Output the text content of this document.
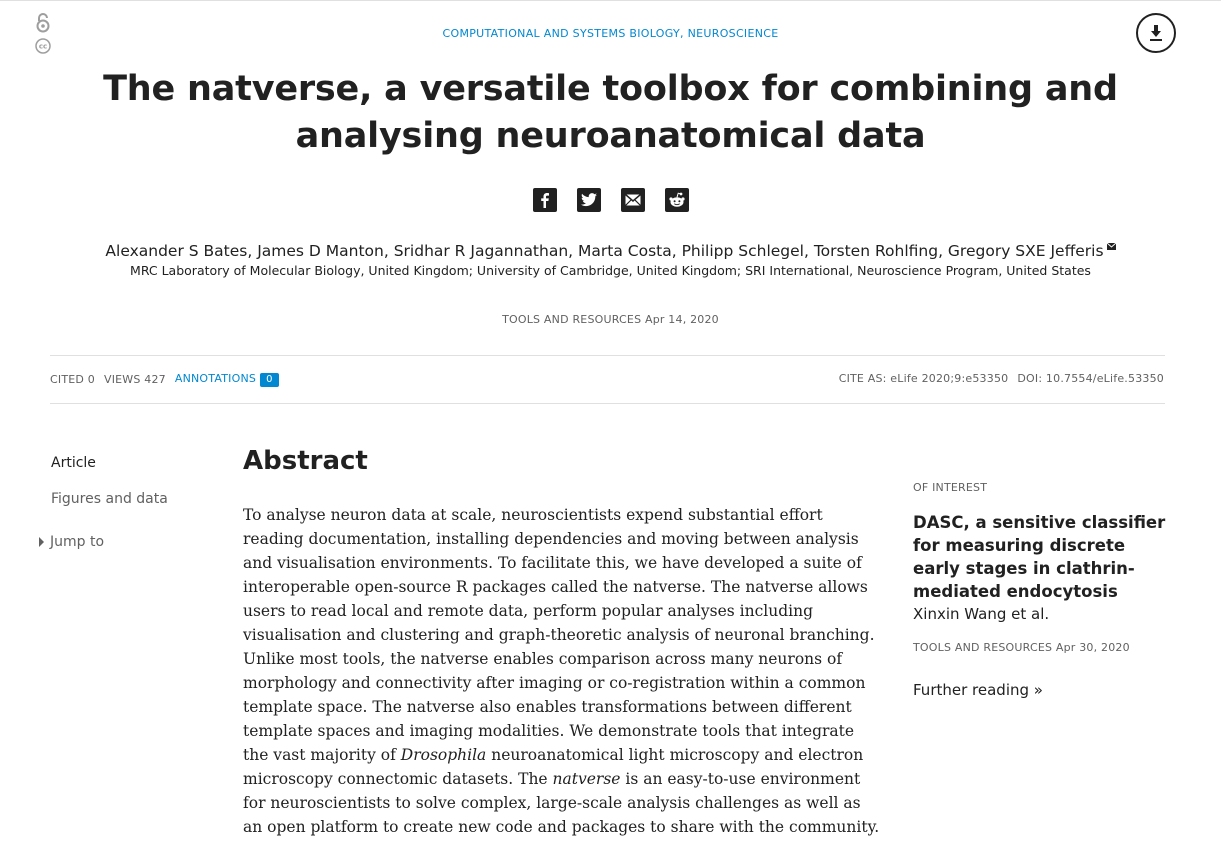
cc
COMPUTATIONAL AND SYSTEMS BIOLOGY, NEUROSCIENCE
The natverse, a versatile toolbox for combining and analysing neuroanatomical data
Alexander S Bates, James D Manton, Sridhar R Jagannathan, Marta Costa, Philipp Schlegel, Torsten Rohlfing, Gregory SXE Jefferis
MRC Laboratory of Molecular Biology, United Kingdom; University of Cambridge, United Kingdom; SRI International, Neuroscience Program, United States
TOOLS AND RESOURCES Apr 14, 2020
CITED 0 VIEWS 427 ANNOTATIONS 0	CITE AS: eLife 2020;9:e53350 DOI: 10.7554/eLife.53350
Article
Figures and data
Jump to
Abstract

To analyse neuron data at scale, neuroscientists expend substantial effort reading documentation, installing dependencies and moving between analysis and visualisation environments. To facilitate this, we have developed a suite of interoperable open-source R packages called the natverse. The natverse allows users to read local and remote data, perform popular analyses including visualisation and clustering and graph-theoretic analysis of neuronal branching. Unlike most tools, the natverse enables comparison across many neurons of morphology and connectivity after imaging or co-registration within a common template space. The natverse also enables transformations between different template spaces and imaging modalities. We demonstrate tools that integrate the vast majority of Drosophila neuroanatomical light microscopy and electron microscopy connectomic datasets. The natverse is an easy-to-use environment for neuroscientists to solve complex, large-scale analysis challenges as well as an open platform to create new code and packages to share with the community.

OF INTEREST
DASC, a sensitive classifier for measuring discrete early stages in clathrin-mediated endocytosis
Xinxin Wang et al.
TOOLS AND RESOURCES Apr 30, 2020
Further reading »
